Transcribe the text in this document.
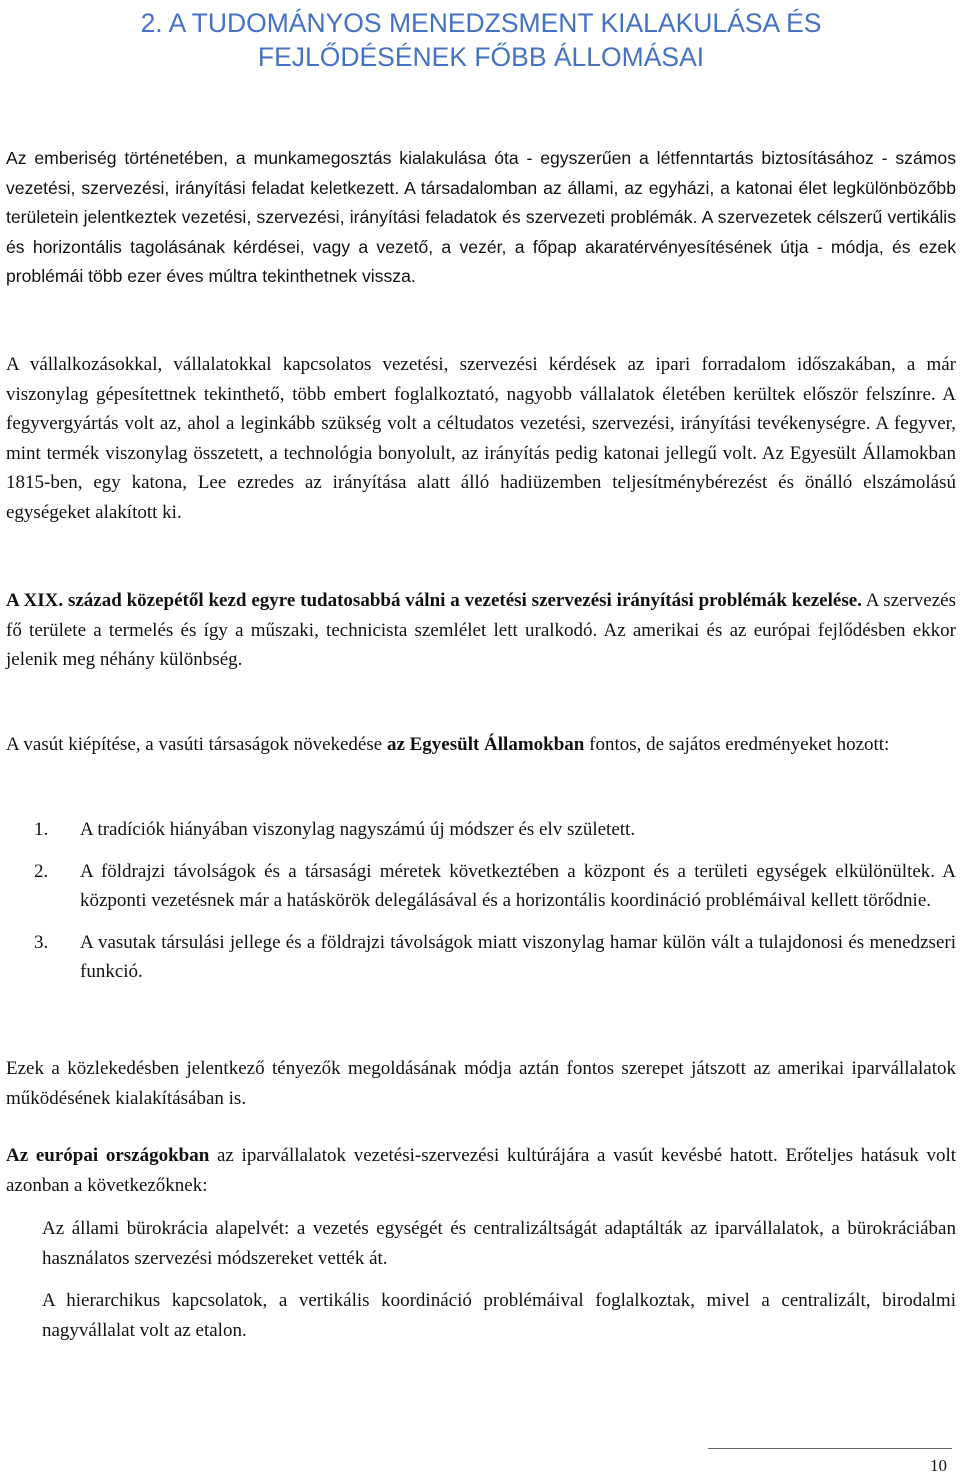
2. A TUDOMÁNYOS MENEDZSMENT KIALAKULÁSA ÉS
FEJLŐDÉSÉNEK FŐBB ÁLLOMÁSAI

Az emberiség történetében, a munkamegosztás kialakulása óta - egyszerűen a létfenntartás biztosításához - számos vezetési, szervezési, irányítási feladat keletkezett. A társadalomban az állami, az egyházi, a katonai élet legkülönbözőbb területein jelentkeztek vezetési, szervezési, irányítási feladatok és szervezeti problémák. A szervezetek célszerű vertikális és horizontális tagolásának kérdései, vagy a vezető, a vezér, a főpap akaratérvényesítésének útja - módja, és ezek problémái több ezer éves múltra tekinthetnek vissza.

A vállalkozásokkal, vállalatokkal kapcsolatos vezetési, szervezési kérdések az ipari forradalom időszakában, a már viszonylag gépesítettnek tekinthető, több embert foglalkoztató, nagyobb vállalatok életében kerültek először felszínre. A fegyvergyártás volt az, ahol a leginkább szükség volt a céltudatos vezetési, szervezési, irányítási tevékenységre. A fegyver, mint termék viszonylag összetett, a technológia bonyolult, az irányítás pedig katonai jellegű volt. Az Egyesült Államokban 1815-ben, egy katona, Lee ezredes az irányítása alatt álló hadiüzemben teljesítménybérezést és önálló elszámolású egységeket alakított ki.

A XIX. század közepétől kezd egyre tudatosabbá válni a vezetési szervezési irányítási problémák kezelése. A szervezés fő területe a termelés és így a műszaki, technicista szemlélet lett uralkodó. Az amerikai és az európai fejlődésben ekkor jelenik meg néhány különbség.

A vasút kiépítése, a vasúti társaságok növekedése az Egyesült Államokban fontos, de sajátos eredményeket hozott:

1. A tradíciók hiányában viszonylag nagyszámú új módszer és elv született.
2. A földrajzi távolságok és a társasági méretek következtében a központ és a területi egységek elkülönültek. A központi vezetésnek már a hatáskörök delegálásával és a horizontális koordináció problémáival kellett törődnie.
3. A vasutak társulási jellege és a földrajzi távolságok miatt viszonylag hamar külön vált a tulajdonosi és menedzseri funkció.

Ezek a közlekedésben jelentkező tényezők megoldásának módja aztán fontos szerepet játszott az amerikai iparvállalatok működésének kialakításában is.

Az európai országokban az iparvállalatok vezetési-szervezési kultúrájára a vasút kevésbé hatott. Erőteljes hatásuk volt azonban a következőknek:

Az állami bürokrácia alapelvét: a vezetés egységét és centralizáltságát adaptálták az iparvállalatok, a bürokráciában használatos szervezési módszereket vették át.

A hierarchikus kapcsolatok, a vertikális koordináció problémáival foglalkoztak, mivel a centralizált, birodalmi nagyvállalat volt az etalon.

10
